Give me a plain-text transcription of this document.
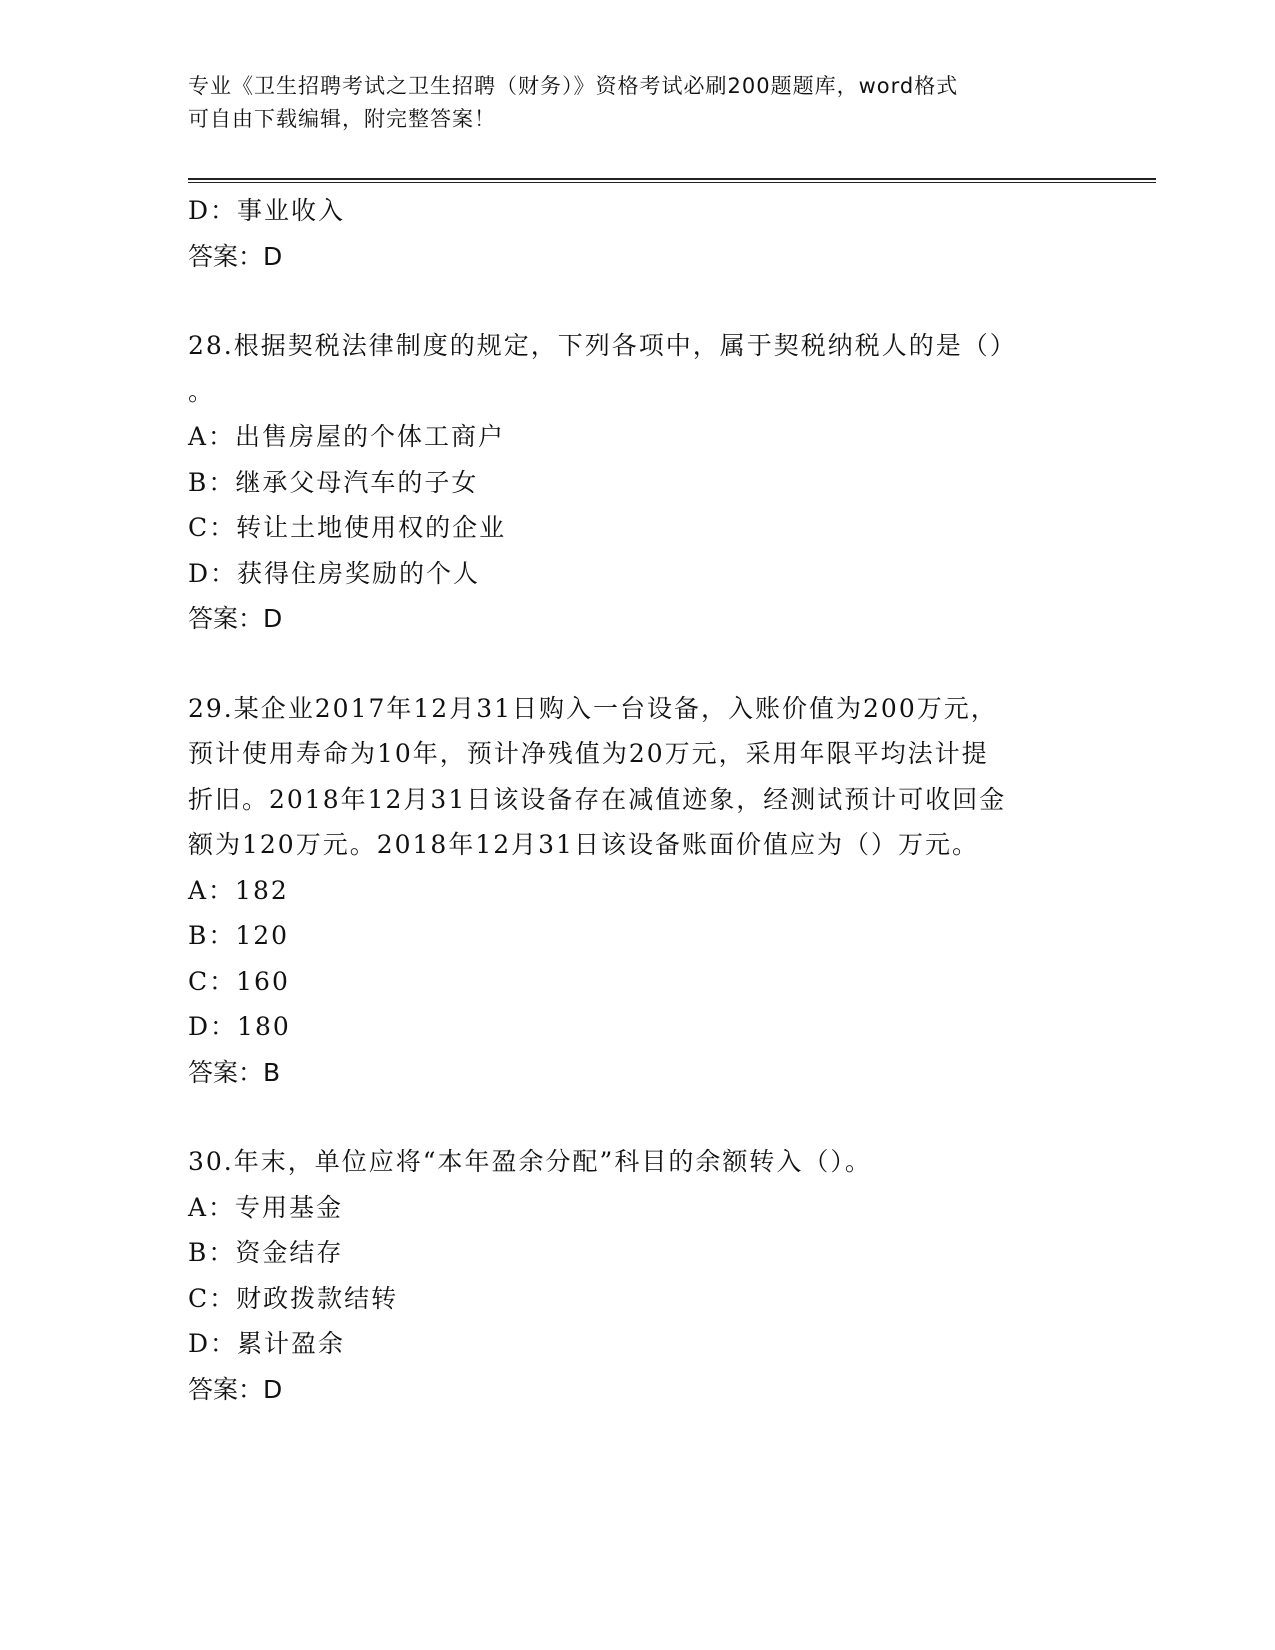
专业《卫生招聘考试之卫生招聘（财务）》资格考试必刷200题题库，word格式
可自由下载编辑，附完整答案！
D：事业收入
答案：D
28.根据契税法律制度的规定，下列各项中，属于契税纳税人的是（）
。
A：出售房屋的个体工商户
B：继承父母汽车的子女
C：转让土地使用权的企业
D：获得住房奖励的个人
答案：D
29.某企业2017年12月31日购入一台设备，入账价值为200万元，
预计使用寿命为10年，预计净残值为20万元，采用年限平均法计提
折旧。2018年12月31日该设备存在减值迹象，经测试预计可收回金
额为120万元。2018年12月31日该设备账面价值应为（）万元。
A：182
B：120
C：160
D：180
答案：B
30.年末，单位应将“本年盈余分配”科目的余额转入（）。
A：专用基金
B：资金结存
C：财政拨款结转
D：累计盈余
答案：D
